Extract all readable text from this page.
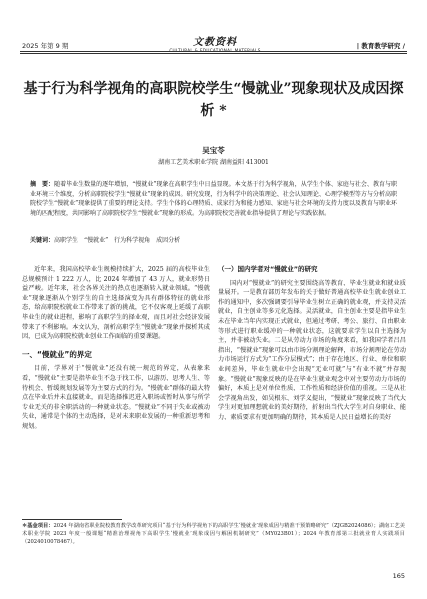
2025 年第 9 期	文教资料
CULTURAL & EDUCATIONAL MATERIALS
| 教育教学研究 /
基于行为科学视角的高职院校学生“慢就业”现象现状及成因探析 *
吴宝苓
湖南工艺美术职业学院 湖南益阳 413001
摘　要：随着毕业生数量的逐年增加，“慢就业”现象在高职学生中日益显现。本文基于行为科学视角，从学生个体、家庭与社会、教育与职业环境三个维度，分析高职院校学生“慢就业”现象的成因。研究发现，行为科学中的决策理论、社会认知理论、心理学模型等方与分析高职院校学生“慢就业”现象提供了重要的理论支持。学生个体的心理特质、成家行为和能力感知、家庭与社会环境的支持力度以及教育与职业环境的匹配程度，共同影响了高职院校学生“慢就业”现象的形成。为高职院校完善就业指导提供了理论与实践依据。
关键词：高职学生　“慢就业”　行为科学视角　成因分析

近年来，我国高校毕业生规模持续扩大，2025 届的高校毕业生总规模预计 1 222 万人，比 2024 年增加了 43 万人，就业形势日益严峻。近年来，社会各界关注的热点也逐渐转入就业领域。“慢就业”现象逐渐从个别学生的自主选择演变为具有群体特征的就业形态，给高职院校就业工作带来了新的挑战，它不仅客观上延缓了高职毕业生的就业进程，影响了高职学生的择业观，而且对社会经济发展带来了不利影响。本文认为，剖析高职学生“慢就业”现象并探析其成因，已成为高职院校就业创业工作面临的重要课题。

一、“慢就业”的界定

目前，学界对于“慢就业”还没有统一规范的界定，从表象来看，“慢就业”主要是指毕业生不急于找工作，以游历、思考人生、等待机会、暂缓规划发展等为主要方式的行为。“慢就业”群体的最大特点在毕业后并未直接就业，而是选择推迟进入职场或暂时从事与所学专业无关的非全职活动的一种就业状态。“慢就业”不同于失业或被动失业，通常是个体的主动选择，是对未来职业发展的一种重新思考和规划。

（一）国内学者对“慢就业”的研究

国内对“慢就业”的研究主要围绕高等教育、毕业生就业和就业质量展开。一是教育部历年发布的关于做好普通高校毕业生就业创业工作的通知中，多次强调要引导毕业生树立正确的就业观，并支持灵活就业，自主创业等多元化选择。灵活就业，自主创业主要是指毕业生未在毕业当年内实现正式就业，但通过考研、考公、旅行、自由职业等形式进行职业缓冲的一种就业状态，这就要求学生以自主选择为主，并非被动失业。二是从劳动力市场的角度来看，如我国学者吕昌指出，“慢就业”现象可以由市场分割理论解释，市场分割理论在劳动力市场运行方式为“工作分层模式”；由于存在地区、行业、单位和职业间差异，毕业生就业中会出现“无业可就”与“有业不就”并存现象。“慢就业”现象反映的是在毕业生就业观念中对主要劳动力市场的偏好，本质上是对单位性质、工作性质和经济价值的重视。三是从社会学视角出发，如吴根东、刘学义提出，“慢就业”现象反映了当代大学生对更加理想就业的美好期待，折射出当代大学生对自身职业、能力、素质要求有更加明确的期待，其本质是人民日益增长的美好

＊基金项目：2024 年湖南省职业院校教育教学改革研究项目“基于行为科学视角下的高职学生‘慢就业’现象成因与精准干预策略研究”（ZJGB2024086）；湖南工艺美术职业学院 2023 年度一般课题“精准治理视角下高职学生‘慢就业’现象成因与解困机制研究”（MY023B01）；2024 年教育部第三批就业育人实践项目（2024010078467）。
165
